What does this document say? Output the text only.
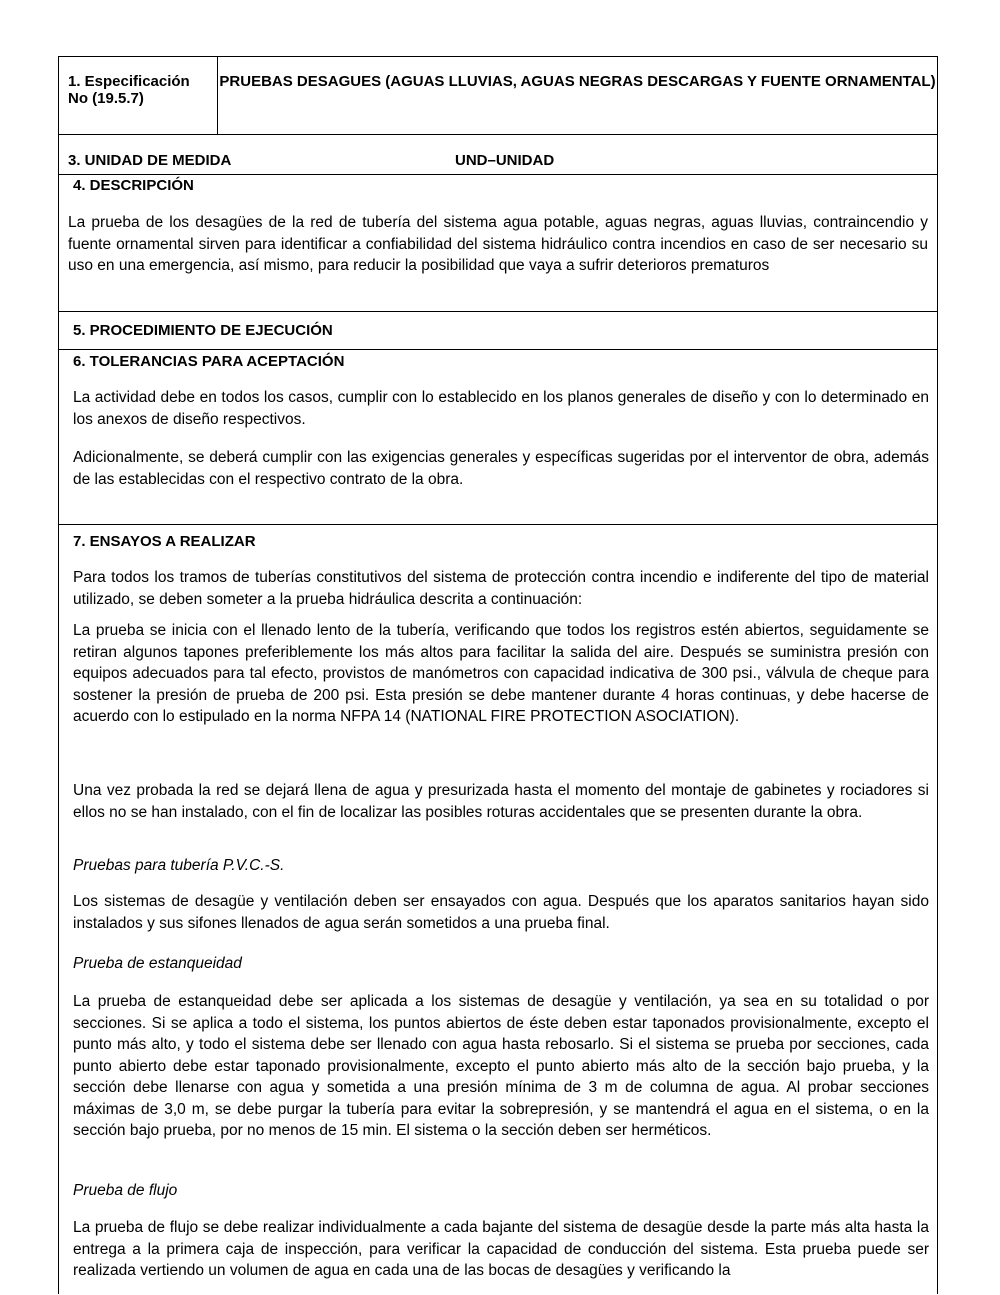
1. Especificación No (19.5.7)
PRUEBAS DESAGUES (AGUAS LLUVIAS, AGUAS NEGRAS DESCARGAS Y FUENTE ORNAMENTAL)
3. UNIDAD DE MEDIDA	UND–UNIDAD
4. DESCRIPCIÓN

La prueba de los desagües de la red de tubería del sistema agua potable, aguas negras, aguas lluvias, contraincendio y fuente ornamental sirven para identificar a confiabilidad del sistema hidráulico contra incendios en caso de ser necesario su uso en una emergencia, así mismo, para reducir la posibilidad que vaya a sufrir deterioros prematuros

5. PROCEDIMIENTO DE EJECUCIÓN
6. TOLERANCIAS PARA ACEPTACIÓN

La actividad debe en todos los casos, cumplir con lo establecido en los planos generales de diseño y con lo determinado en los anexos de diseño respectivos.

Adicionalmente, se deberá cumplir con las exigencias generales y específicas sugeridas por el interventor de obra, además de las establecidas con el respectivo contrato de la obra.

7. ENSAYOS A REALIZAR

Para todos los tramos de tuberías constitutivos del sistema de protección contra incendio e indiferente del tipo de material utilizado, se deben someter a la prueba hidráulica descrita a continuación:

La prueba se inicia con el llenado lento de la tubería, verificando que todos los registros estén abiertos, seguidamente se retiran algunos tapones preferiblemente los más altos para facilitar la salida del aire. Después se suministra presión con equipos adecuados para tal efecto, provistos de manómetros con capacidad indicativa de 300 psi., válvula de cheque para sostener la presión de prueba de 200 psi. Esta presión se debe mantener durante 4 horas continuas, y debe hacerse de acuerdo con lo estipulado en la norma NFPA 14 (NATIONAL FIRE PROTECTION ASOCIATION).

Una vez probada la red se dejará llena de agua y presurizada hasta el momento del montaje de gabinetes y rociadores si ellos no se han instalado, con el fin de localizar las posibles roturas accidentales que se presenten durante la obra.

Pruebas para tubería P.V.C.-S.

Los sistemas de desagüe y ventilación deben ser ensayados con agua. Después que los aparatos sanitarios hayan sido instalados y sus sifones llenados de agua serán sometidos a una prueba final.

Prueba de estanqueidad

La prueba de estanqueidad debe ser aplicada a los sistemas de desagüe y ventilación, ya sea en su totalidad o por secciones. Si se aplica a todo el sistema, los puntos abiertos de éste deben estar taponados provisionalmente, excepto el punto más alto, y todo el sistema debe ser llenado con agua hasta rebosarlo. Si el sistema se prueba por secciones, cada punto abierto debe estar taponado provisionalmente, excepto el punto abierto más alto de la sección bajo prueba, y la sección debe llenarse con agua y sometida a una presión mínima de 3 m de columna de agua. Al probar secciones máximas de 3,0 m, se debe purgar la tubería para evitar la sobrepresión, y se mantendrá el agua en el sistema, o en la sección bajo prueba, por no menos de 15 min. El sistema o la sección deben ser herméticos.

Prueba de flujo

La prueba de flujo se debe realizar individualmente a cada bajante del sistema de desagüe desde la parte más alta hasta la entrega a la primera caja de inspección, para verificar la capacidad de conducción del sistema. Esta prueba puede ser realizada vertiendo un volumen de agua en cada una de las bocas de desagües y verificando la
